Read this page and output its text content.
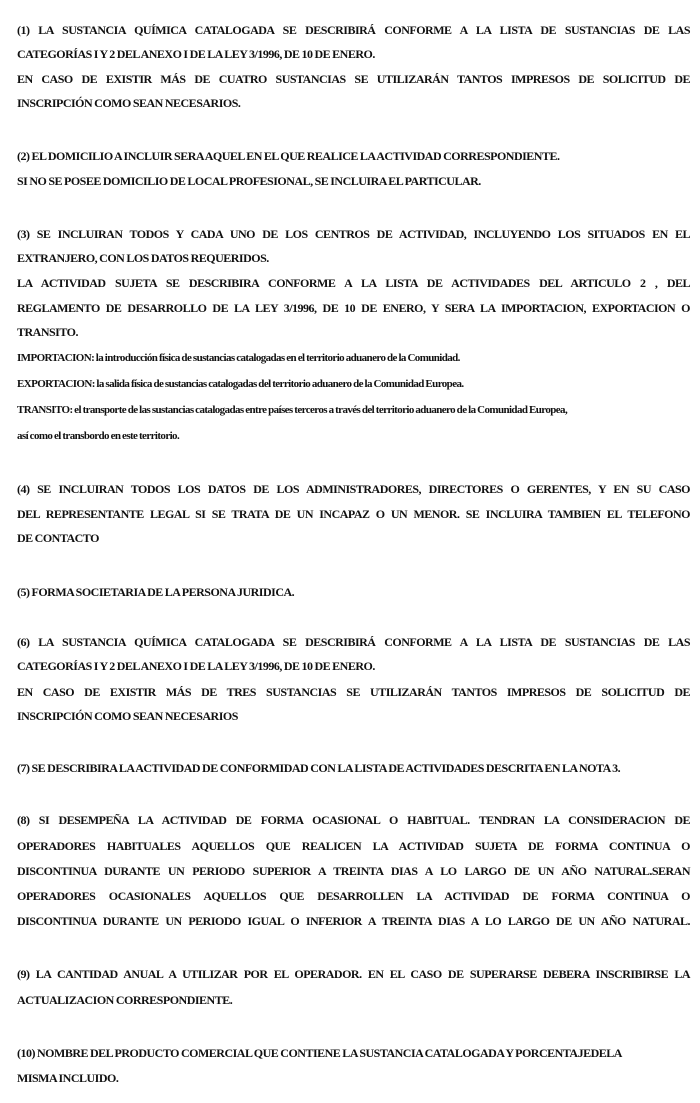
(1) LA SUSTANCIA QUÍMICA CATALOGADA SE DESCRIBIRÁ CONFORME A LA LISTA DE SUSTANCIAS DE LAS
CATEGORÍAS I Y 2 DEL ANEXO I DE LA LEY 3/1996, DE 10 DE ENERO.
EN CASO DE EXISTIR MÁS DE CUATRO SUSTANCIAS SE UTILIZARÁN TANTOS IMPRESOS DE SOLICITUD DE
INSCRIPCIÓN COMO SEAN NECESARIOS.
(2) EL DOMICILIO A INCLUIR SERA AQUEL EN EL QUE REALICE LA ACTIVIDAD CORRESPONDIENTE.
SI NO SE POSEE DOMICILIO DE LOCAL PROFESIONAL, SE INCLUIRA EL PARTICULAR.
(3) SE INCLUIRAN TODOS Y CADA UNO DE LOS CENTROS DE ACTIVIDAD, INCLUYENDO LOS SITUADOS EN EL
EXTRANJERO, CON LOS DATOS REQUERIDOS.
LA ACTIVIDAD SUJETA SE DESCRIBIRA CONFORME A LA LISTA DE ACTIVIDADES DEL ARTICULO 2 , DEL
REGLAMENTO DE DESARROLLO DE LA LEY 3/1996, DE 10 DE ENERO, Y SERA LA IMPORTACION, EXPORTACION O
TRANSITO.
IMPORTACION: la introducción física de sustancias catalogadas en el territorio aduanero de la Comunidad.
EXPORTACION: la salida física de sustancias catalogadas del territorio aduanero de la Comunidad Europea.
TRANSITO: el transporte de las sustancias catalogadas entre países terceros a través del territorio aduanero de la Comunidad Europea,
así como el transbordo en este territorio.
(4) SE INCLUIRAN TODOS LOS DATOS DE LOS ADMINISTRADORES, DIRECTORES O GERENTES, Y EN SU CASO
DEL REPRESENTANTE LEGAL SI SE TRATA DE UN INCAPAZ O UN MENOR. SE INCLUIRA TAMBIEN EL TELEFONO
DE CONTACTO
(5) FORMA SOCIETARIA DE LA PERSONA JURIDICA.
(6) LA SUSTANCIA QUÍMICA CATALOGADA SE DESCRIBIRÁ CONFORME A LA LISTA DE SUSTANCIAS DE LAS
CATEGORÍAS I Y 2 DEL ANEXO I DE LA LEY 3/1996, DE 10 DE ENERO.
EN CASO DE EXISTIR MÁS DE TRES SUSTANCIAS SE UTILIZARÁN TANTOS IMPRESOS DE SOLICITUD DE
INSCRIPCIÓN COMO SEAN NECESARIOS
(7) SE DESCRIBIRA LA ACTIVIDAD DE CONFORMIDAD CON LA LISTA DE ACTIVIDADES DESCRITA EN LA NOTA 3.
(8) SI DESEMPEÑA LA ACTIVIDAD DE FORMA OCASIONAL O HABITUAL. TENDRAN LA CONSIDERACION DE
OPERADORES HABITUALES AQUELLOS QUE REALICEN LA ACTIVIDAD SUJETA DE FORMA CONTINUA O
DISCONTINUA DURANTE UN PERIODO SUPERIOR A TREINTA DIAS A LO LARGO DE UN AÑO NATURAL.SERAN
OPERADORES OCASIONALES AQUELLOS QUE DESARROLLEN LA ACTIVIDAD DE FORMA CONTINUA O
DISCONTINUA DURANTE UN PERIODO IGUAL O INFERIOR A TREINTA DIAS A LO LARGO DE UN AÑO NATURAL.
(9) LA CANTIDAD ANUAL A UTILIZAR POR EL OPERADOR. EN EL CASO DE SUPERARSE DEBERA INSCRIBIRSE LA
ACTUALIZACION CORRESPONDIENTE.
(10) NOMBRE DEL PRODUCTO COMERCIAL QUE CONTIENE LA SUSTANCIA CATALOGADA Y PORCENTAJEDELA
MISMA INCLUIDO.
